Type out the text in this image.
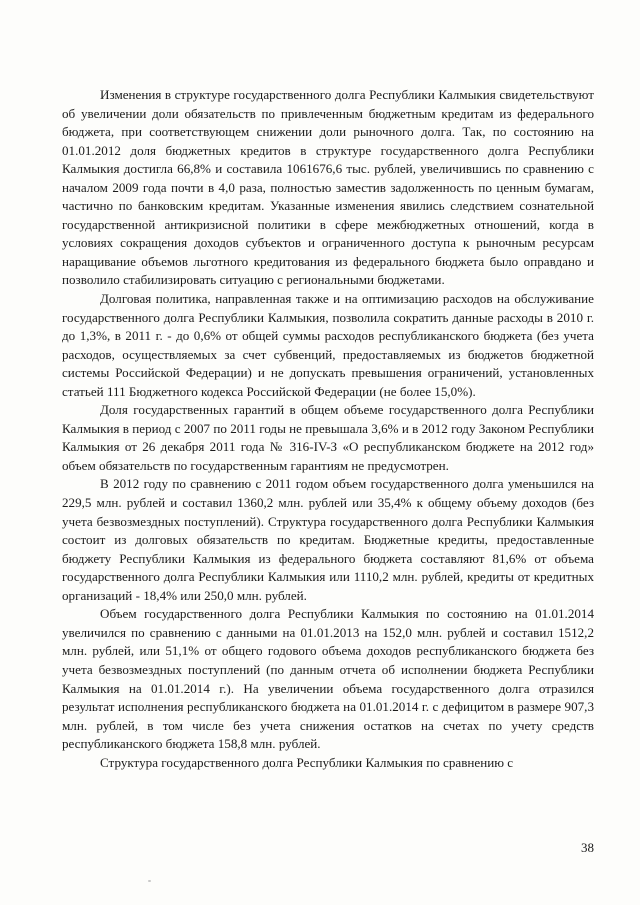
Изменения в структуре государственного долга Республики Калмыкия свидетельствуют об увеличении доли обязательств по привлеченным бюджетным кредитам из федерального бюджета, при соответствующем снижении доли рыночного долга. Так, по состоянию на 01.01.2012 доля бюджетных кредитов в структуре государственного долга Республики Калмыкия достигла 66,8% и составила 1061676,6 тыс. рублей, увеличившись по сравнению с началом 2009 года почти в 4,0 раза, полностью заместив задолженность по ценным бумагам, частично по банковским кредитам. Указанные изменения явились следствием сознательной государственной антикризисной политики в сфере межбюджетных отношений, когда в условиях сокращения доходов субъектов и ограниченного доступа к рыночным ресурсам наращивание объемов льготного кредитования из федерального бюджета было оправдано и позволило стабилизировать ситуацию с региональными бюджетами.

Долговая политика, направленная также и на оптимизацию расходов на обслуживание государственного долга Республики Калмыкия, позволила сократить данные расходы в 2010 г. до 1,3%, в 2011 г. - до 0,6% от общей суммы расходов республиканского бюджета (без учета расходов, осуществляемых за счет субвенций, предоставляемых из бюджетов бюджетной системы Российской Федерации) и не допускать превышения ограничений, установленных статьей 111 Бюджетного кодекса Российской Федерации (не более 15,0%).

Доля государственных гарантий в общем объеме государственного долга Республики Калмыкия в период с 2007 по 2011 годы не превышала 3,6% и в 2012 году Законом Республики Калмыкия от 26 декабря 2011 года № 316-IV-З «О республиканском бюджете на 2012 год» объем обязательств по государственным гарантиям не предусмотрен.

В 2012 году по сравнению с 2011 годом объем государственного долга уменьшился на 229,5 млн. рублей и составил 1360,2 млн. рублей или 35,4% к общему объему доходов (без учета безвозмездных поступлений). Структура государственного долга Республики Калмыкия состоит из долговых обязательств по кредитам. Бюджетные кредиты, предоставленные бюджету Республики Калмыкия из федерального бюджета составляют 81,6% от объема государственного долга Республики Калмыкия или 1110,2 млн. рублей, кредиты от кредитных организаций - 18,4% или 250,0 млн. рублей.

Объем государственного долга Республики Калмыкия по состоянию на 01.01.2014 увеличился по сравнению с данными на 01.01.2013 на 152,0 млн. рублей и составил 1512,2 млн. рублей, или 51,1% от общего годового объема доходов республиканского бюджета без учета безвозмездных поступлений (по данным отчета об исполнении бюджета Республики Калмыкия на 01.01.2014 г.). На увеличении объема государственного долга отразился результат исполнения республиканского бюджета на 01.01.2014 г. с дефицитом в размере 907,3 млн. рублей, в том числе без учета снижения остатков на счетах по учету средств республиканского бюджета 158,8 млн. рублей.

Структура государственного долга Республики Калмыкия по сравнению с

38
